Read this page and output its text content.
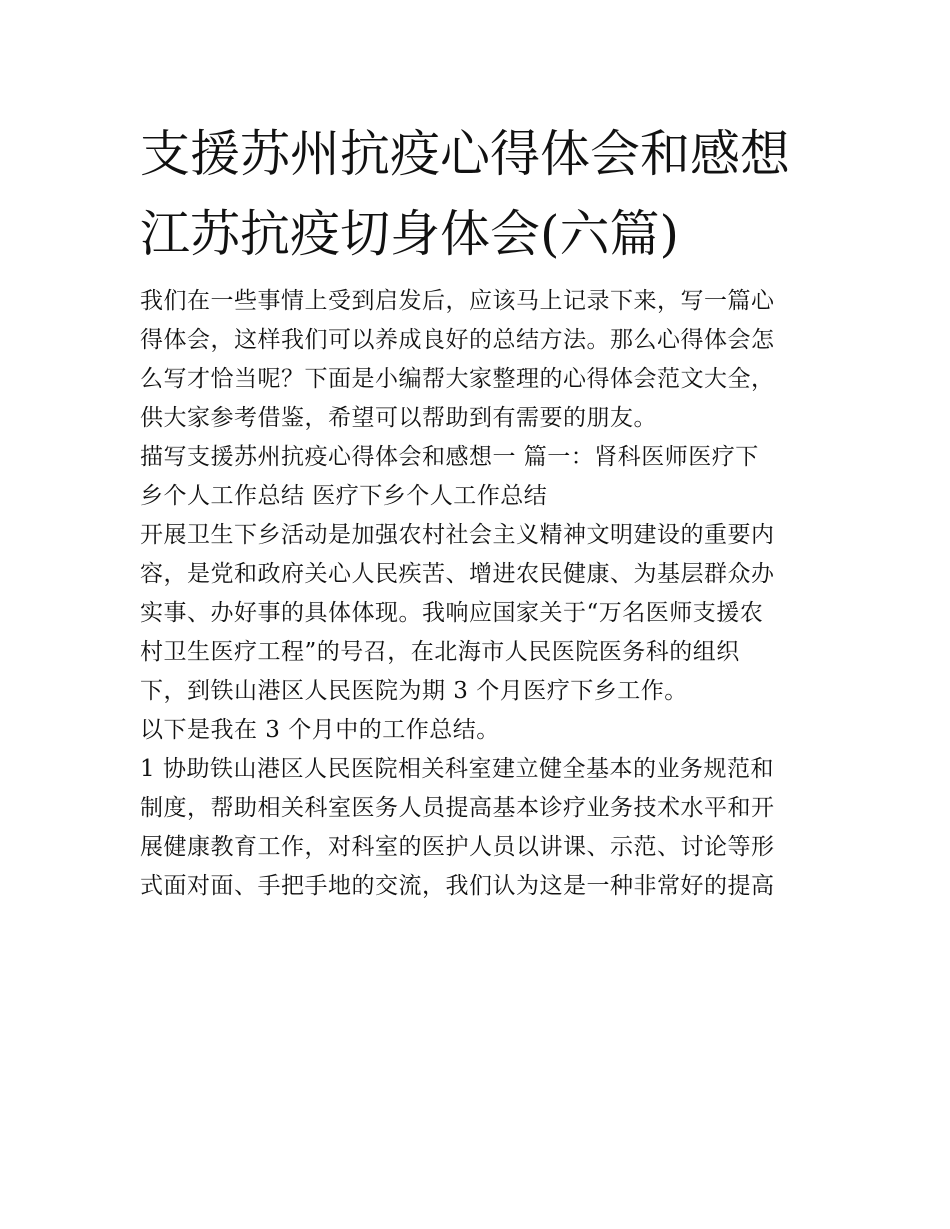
支援苏州抗疫心得体会和感想
江苏抗疫切身体会(六篇)
我们在一些事情上受到启发后，应该马上记录下来，写一篇心
得体会，这样我们可以养成良好的总结方法。那么心得体会怎
么写才恰当呢？下面是小编帮大家整理的心得体会范文大全，
供大家参考借鉴，希望可以帮助到有需要的朋友。
描写支援苏州抗疫心得体会和感想一 篇一：肾科医师医疗下
乡个人工作总结 医疗下乡个人工作总结
开展卫生下乡活动是加强农村社会主义精神文明建设的重要内
容，是党和政府关心人民疾苦、增进农民健康、为基层群众办
实事、办好事的具体体现。我响应国家关于“万名医师支援农
村卫生医疗工程”的号召，在北海市人民医院医务科的组织
下，到铁山港区人民医院为期 3 个月医疗下乡工作。
以下是我在 3 个月中的工作总结。
1 协助铁山港区人民医院相关科室建立健全基本的业务规范和
制度，帮助相关科室医务人员提高基本诊疗业务技术水平和开
展健康教育工作，对科室的医护人员以讲课、示范、讨论等形
式面对面、手把手地的交流，我们认为这是一种非常好的提高
